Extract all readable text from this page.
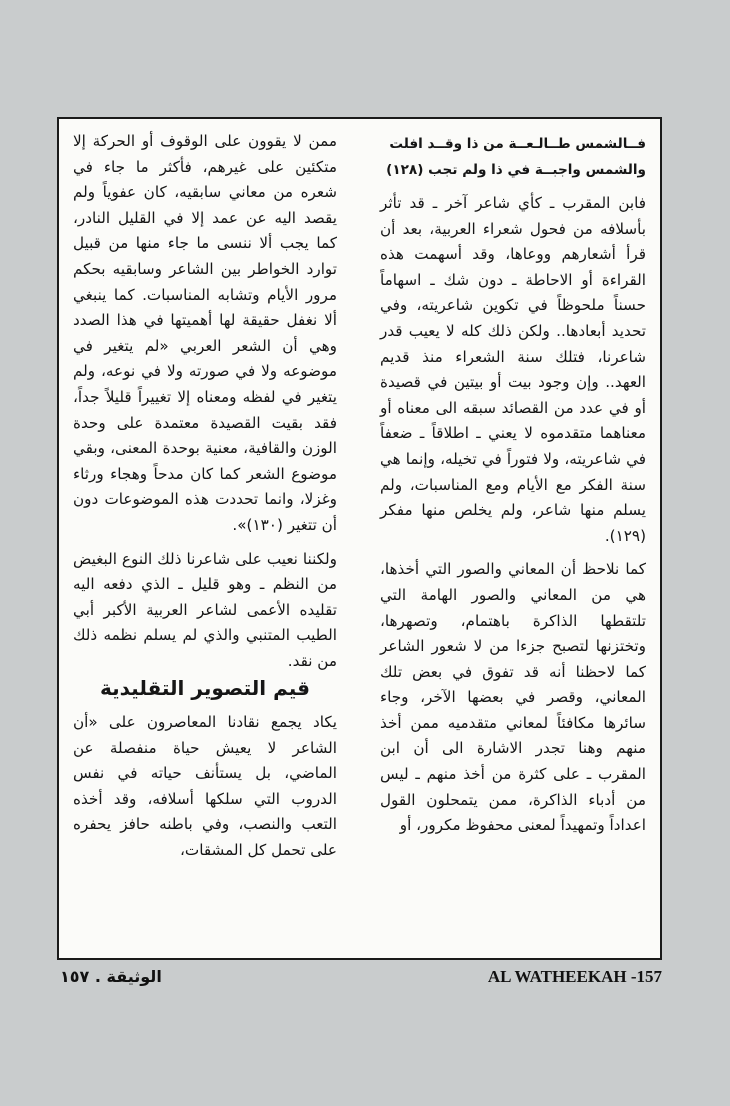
فــالشمس طــالـعــة من ذا وقــد افلت

والشمس واجبــة في ذا ولم تجب (١٢٨)

فابن المقرب ـ كأي شاعر آخر ـ قد تأثر بأسلافه من فحول شعراء العربية، بعد أن قرأ أشعارهم ووعاها، وقد أسهمت هذه القراءة أو الاحاطة ـ دون شك ـ اسهاماً حسناً ملحوظاً في تكوين شاعريته، وفي تحديد أبعادها.. ولكن ذلك كله لا يعيب قدر شاعرنا، فتلك سنة الشعراء منذ قديم العهد.. وإن وجود بيت أو بيتين في قصيدة أو في عدد من القصائد سبقه الى معناه أو معناهما متقدموه لا يعني ـ اطلاقاً ـ ضعفاً في شاعريته، ولا فتوراً في تخيله، وإنما هي سنة الفكر مع الأيام ومع المناسبات، ولم يسلم منها شاعر، ولم يخلص منها مفكر (١٢٩).

كما نلاحظ أن المعاني والصور التي أخذها، هي من المعاني والصور الهامة التي تلتقطها الذاكرة باهتمام، وتصهرها، وتختزنها لتصبح جزءا من لا شعور الشاعر كما لاحظنا أنه قد تفوق في بعض تلك المعاني، وقصر في بعضها الآخر، وجاء سائرها مكافئاً لمعاني متقدميه ممن أخذ منهم وهنا تجدر الاشارة الى أن ابن المقرب ـ على كثرة من أخذ منهم ـ ليس من أدباء الذاكرة، ممن يتمحلون القول اعداداً وتمهيداً لمعنى محفوظ مكرور، أو

ممن لا يقوون على الوقوف أو الحركة إلا متكئين على غيرهم، فأكثر ما جاء في شعره من معاني سابقيه، كان عفوياً ولم يقصد اليه عن عمد إلا في القليل النادر، كما يجب ألا ننسى ما جاء منها من قبيل توارد الخواطر بين الشاعر وسابقيه بحكم مرور الأيام وتشابه المناسبات. كما ينبغي ألا نغفل حقيقة لها أهميتها في هذا الصدد وهي أن الشعر العربي «لم يتغير في موضوعه ولا في صورته ولا في نوعه، ولم يتغير في لفظه ومعناه إلا تغييراً قليلاً جداً، فقد بقيت القصيدة معتمدة على وحدة الوزن والقافية، معنية بوحدة المعنى، وبقي موضوع الشعر كما كان مدحاً وهجاء ورثاء وغزلا، وانما تحددت هذه الموضوعات دون أن تتغير (١٣٠)».

ولكننا نعيب على شاعرنا ذلك النوع البغيض من النظم ـ وهو قليل ـ الذي دفعه اليه تقليده الأعمى لشاعر العربية الأكبر أبي الطيب المتنبي والذي لم يسلم نظمه ذلك من نقد.

قيم التصوير التقليدية

يكاد يجمع نقادنا المعاصرون على «أن الشاعر لا يعيش حياة منفصلة عن الماضي، بل يستأنف حياته في نفس الدروب التي سلكها أسلافه، وقد أخذه التعب والنصب، وفي باطنه حافز يحفره على تحمل كل المشقات،

الوثيقة . ١٥٧	AL WATHEEKAH -157
